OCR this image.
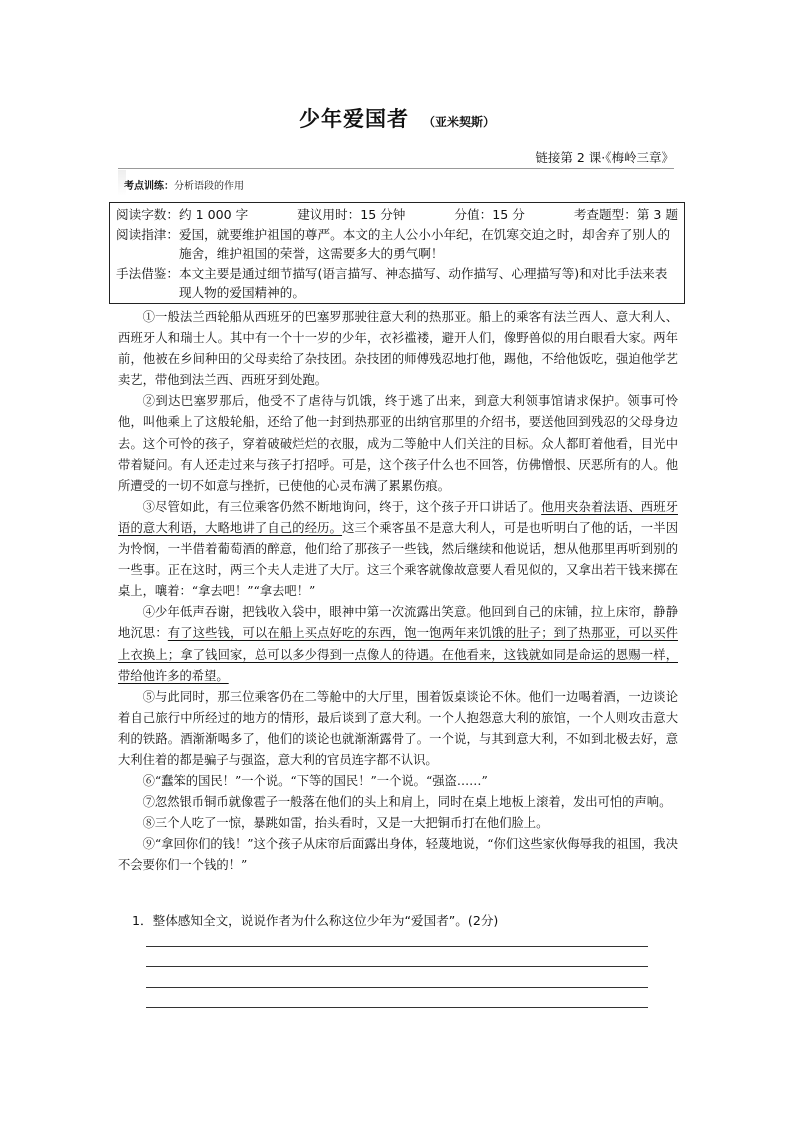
少年爱国者 （亚米契斯）
链接第 2 课·《梅岭三章》
考点训练：分析语段的作用
阅读字数：约 1 000 字	建议用时：15 分钟	分值：15 分	考查题型：第 3 题
阅读指津： 爱国，就要维护祖国的尊严。本文的主人公小小年纪，在饥寒交迫之时，却舍弃了别人的施舍，维护祖国的荣誉，这需要多大的勇气啊！
手法借鉴： 本文主要是通过细节描写(语言描写、神态描写、动作描写、心理描写等)和对比手法来表现人物的爱国精神的。

①一般法兰西轮船从西班牙的巴塞罗那驶往意大利的热那亚。船上的乘客有法兰西人、意大利人、西班牙人和瑞士人。其中有一个十一岁的少年，衣衫褴褛，避开人们，像野兽似的用白眼看大家。两年前，他被在乡间种田的父母卖给了杂技团。杂技团的师傅残忍地打他，踢他，不给他饭吃，强迫他学艺卖艺，带他到法兰西、西班牙到处跑。

②到达巴塞罗那后，他受不了虐待与饥饿，终于逃了出来，到意大利领事馆请求保护。领事可怜他，叫他乘上了这般轮船，还给了他一封到热那亚的出纳官那里的介绍书，要送他回到残忍的父母身边去。这个可怜的孩子，穿着破破烂烂的衣服，成为二等舱中人们关注的目标。众人都盯着他看，目光中带着疑问。有人还走过来与孩子打招呼。可是，这个孩子什么也不回答，仿佛憎恨、厌恶所有的人。他所遭受的一切不如意与挫折，已使他的心灵布满了累累伤痕。

③尽管如此，有三位乘客仍然不断地询问，终于，这个孩子开口讲话了。他用夹杂着法语、西班牙语的意大利语，大略地讲了自己的经历。这三个乘客虽不是意大利人，可是也听明白了他的话，一半因为怜悯，一半借着葡萄酒的醉意，他们给了那孩子一些钱，然后继续和他说话，想从他那里再听到别的一些事。正在这时，两三个夫人走进了大厅。这三个乘客就像故意要人看见似的，又拿出若干钱来掷在桌上，嚷着：“拿去吧！”“拿去吧！”

④少年低声吞谢，把钱收入袋中，眼神中第一次流露出笑意。他回到自己的床铺，拉上床帘，静静地沉思：有了这些钱，可以在船上买点好吃的东西，饱一饱两年来饥饿的肚子；到了热那亚，可以买件上衣换上；拿了钱回家，总可以多少得到一点像人的待遇。在他看来，这钱就如同是命运的恩赐一样，带给他许多的希望。

⑤与此同时，那三位乘客仍在二等舱中的大厅里，围着饭桌谈论不休。他们一边喝着酒，一边谈论着自己旅行中所经过的地方的情形，最后谈到了意大利。一个人抱怨意大利的旅馆，一个人则攻击意大利的铁路。酒渐渐喝多了，他们的谈论也就渐渐露骨了。一个说，与其到意大利，不如到北极去好，意大利住着的都是骗子与强盗，意大利的官员连字都不认识。

⑥“蠢笨的国民！”一个说。“下等的国民！”一个说。“强盗……”

⑦忽然银币铜币就像雹子一般落在他们的头上和肩上，同时在桌上地板上滚着，发出可怕的声响。

⑧三个人吃了一惊，暴跳如雷，抬头看时，又是一大把铜币打在他们脸上。

⑨“拿回你们的钱！”这个孩子从床帘后面露出身体，轻蔑地说，“你们这些家伙侮辱我的祖国，我决不会要你们一个钱的！”

1．整体感知全文，说说作者为什么称这位少年为“爱国者”。(2分)
